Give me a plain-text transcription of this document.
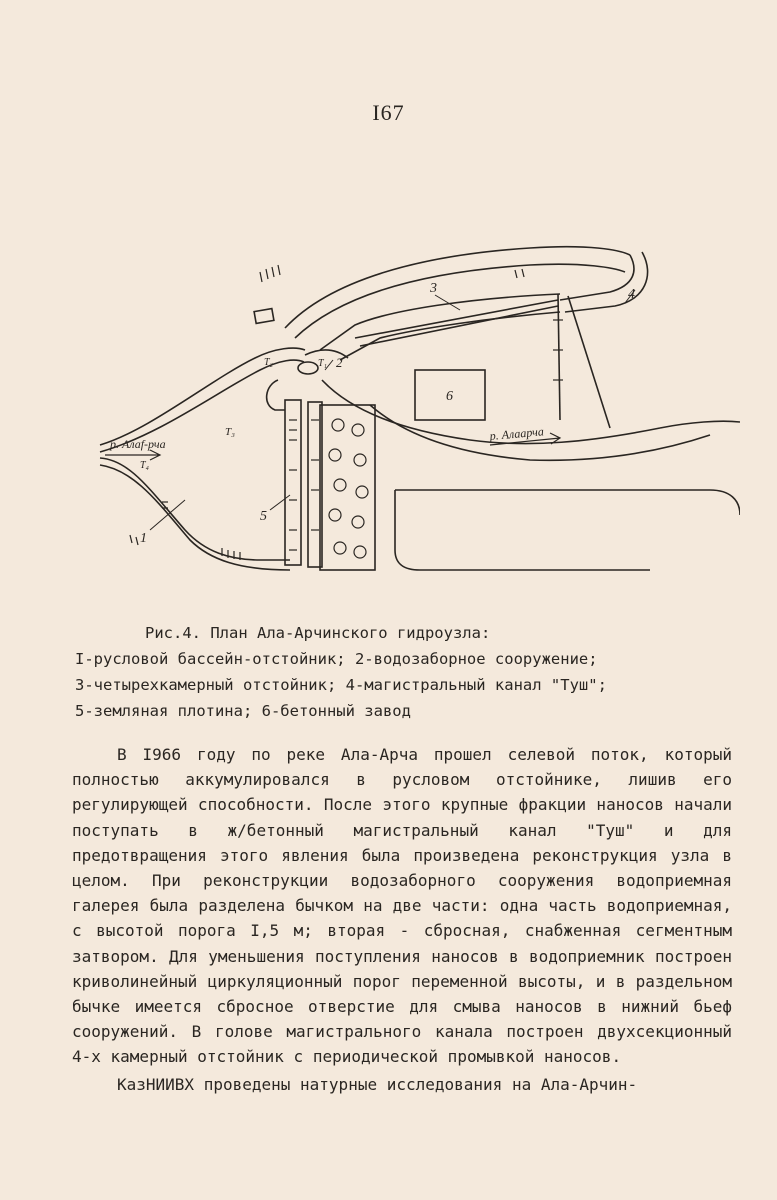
I67
р. Алаf-рча
р. Алаарча
1
2
3	4
5
6
T₁
T₂
T₃
T₄
Рис.4. План Ала-Арчинского гидроузла:
I-русловой бассейн-отстойник; 2-водозаборное сооружение;
3-четырехкамерный отстойник; 4-магистральный канал "Туш";
5-земляная плотина; 6-бетонный завод

В I966 году по реке Ала-Арча прошел селевой поток, который полностью аккумулировался в русловом отстойнике, лишив его регулирующей способности. После этого крупные фракции наносов начали поступать в ж/бетонный магистральный канал "Туш" и для предотвращения этого явления была произведена реконструкция узла в целом. При реконструкции водозаборного сооружения водоприемная галерея была разделена бычком на две части: одна часть водоприемная, с высотой порога I,5 м; вторая - сбросная, снабженная сегментным затвором. Для уменьшения поступления наносов в водоприемник построен криволинейный циркуляционный порог переменной высоты, и в раздельном бычке имеется сбросное отверстие для смыва наносов в нижний бьеф сооружений. В голове магистрального канала построен двухсекционный 4-х камерный отстойник с периодической промывкой наносов.

КазНИИВХ проведены натурные исследования на Ала-Арчин-
